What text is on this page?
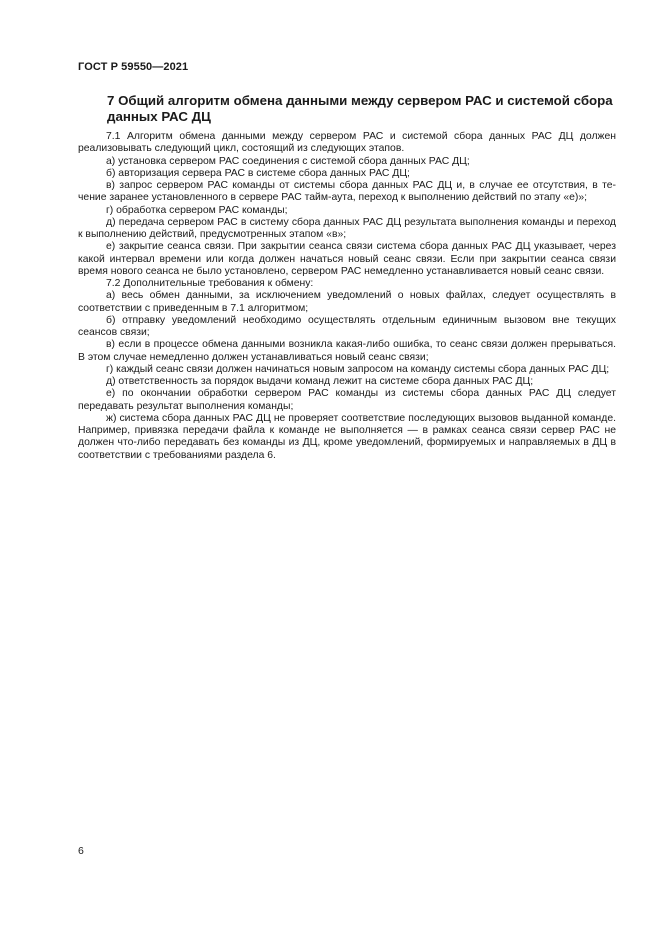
ГОСТ Р 59550—2021
7 Общий алгоритм обмена данными между сервером РАС и системой сбора данных РАС ДЦ

7.1 Алгоритм обмена данными между сервером РАС и системой сбора данных РАС ДЦ должен реализовывать следующий цикл, состоящий из следующих этапов.

а) установка сервером РАС соединения с системой сбора данных РАС ДЦ;

б) авторизация сервера РАС в системе сбора данных РАС ДЦ;

в) запрос сервером РАС команды от системы сбора данных РАС ДЦ и, в случае ее отсутствия, в течение заранее установленного в сервере РАС тайм-аута, переход к выполнению действий по этапу «е)»;

г) обработка сервером РАС команды;

д) передача сервером РАС в систему сбора данных РАС ДЦ результата выполнения команды и переход к выполнению действий, предусмотренных этапом «в»;

е) закрытие сеанса связи. При закрытии сеанса связи система сбора данных РАС ДЦ указывает, через какой интервал времени или когда должен начаться новый сеанс связи. Если при закрытии сеанса связи время нового сеанса не было установлено, сервером РАС немедленно устанавливается новый сеанс связи.

7.2 Дополнительные требования к обмену:

а) весь обмен данными, за исключением уведомлений о новых файлах, следует осуществлять в соответствии с приведенным в 7.1 алгоритмом;

б) отправку уведомлений необходимо осуществлять отдельным единичным вызовом вне текущих сеансов связи;

в) если в процессе обмена данными возникла какая-либо ошибка, то сеанс связи должен прерываться. В этом случае немедленно должен устанавливаться новый сеанс связи;

г) каждый сеанс связи должен начинаться новым запросом на команду системы сбора данных РАС ДЦ;

д) ответственность за порядок выдачи команд лежит на системе сбора данных РАС ДЦ;

е) по окончании обработки сервером РАС команды из системы сбора данных РАС ДЦ следует передавать результат выполнения команды;

ж) система сбора данных РАС ДЦ не проверяет соответствие последующих вызовов выданной команде. Например, привязка передачи файла к команде не выполняется — в рамках сеанса связи сервер РАС не должен что-либо передавать без команды из ДЦ, кроме уведомлений, формируемых и направляемых в ДЦ в соответствии с требованиями раздела 6.

6
